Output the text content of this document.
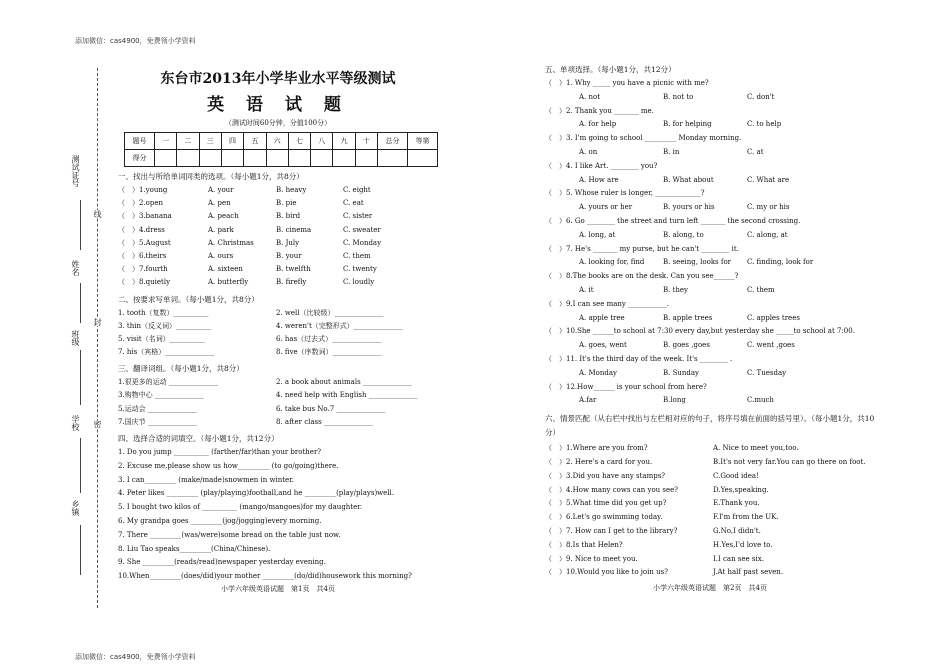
添加微信：cas4900，免费领小学资料
添加微信：cas4900，免费领小学资料
测试证号
姓名
班级
学校
乡镇
线
封
密
东台市2013年小学毕业水平等级测试
英 语 试 题
（测试时间60分钟，分值100分）
题号	一	二	三	四	五	六	七	八	九	十	总分	等第
得分												
一、找出与所给单词同类的选项。（每小题1分，共8分）
（　）1.young	A. your	B. heavy	C. eight
（　）2.open	A. pen	B. pie	C. eat
（　）3.banana	A. peach	B. bird	C. sister
（　）4.dress	A. park	B. cinema	C. sweater
（　）5.August	A. Christmas	B. July	C. Monday
（　）6.theirs	A. ours	B. your	C. them
（　）7.fourth	A. sixteen	B. twelfth	C. twenty
（　）8.quietly	A. butterfly	B. firefly	C. loudly
二、按要求写单词。（每小题1分，共8分）
1. tooth（复数）__________	2. well（比较级）______________
3. thin（反义词）__________	4. weren't（完整形式）______________
5. visit（名词）__________	6. has（过去式）______________
7. his（宾格）______________	8. five（序数词）______________
三、翻译词组。（每小题1分，共8分）
1.很更多的运动 ______________	2. a book about animals ______________
3.购物中心 ______________	4. need help with English ______________
5.运动会 ______________	6. take bus No.7 ______________
7.国庆节 ______________	8. after class ______________
四、选择合适的词填空。（每小题1分，共12分）
1. Do you jump __________ (farther/far)than your brother?
2. Excuse me,please show us how_________ (to go/going)there.
3. I can_________ (make/made)snowmen in winter.
4. Peter likes _________ (play/playing)football,and he _________(play/plays)well.
5. I bought two kilos of __________ (mango/mangoes)for my daughter.
6. My grandpa goes _________(jog/jogging)every morning.
7. There _________(was/were)some bread on the table just now.
8. Liu Tao speaks_________(China/Chinese).
9. She _________(reads/read)newspaper yesterday evening.
10.When_________(does/did)your mother _________(do/did)housework this morning?
小学六年级英语试题　第1页　共4页
五、单项选择。（每小题1分，共12分）
（　）1. Why _____ you have a picnic with me?
A. not	B. not to	C. don't
（　）2. Thank you _______ me.
A. for help	B. for helping	C. to help
（　）3. I'm going to school _________ Monday morning.
A. on	B. in	C. at
（　）4. I like Art. ________ you?
A. How are	B. What about	C. What are
（　）5. Whose ruler is longer, _____________?
A. yours or her	B. yours or his	C. my or his
（　）6. Go ________ the street and turn left _______ the second crossing.
A. long, at	B. along, to	C. along, at
（　）7. He's _______ my purse, but he can't ________ it.
A. looking for, find	B. seeing, looks for C. finding, look for
（　）8.The books are on the desk. Can you see______?
A. it	B. they	C. them
（　）9.I can see many ___________.
A. apple tree	B. apple trees	C. apples trees
（　）10.She ______to school at 7:30 every day,but yesterday she _____to school at 7:00.
A. goes, went	B. goes ,goes	C. went ,goes
（　）11. It's the third day of the week. It's ________ .
A. Monday	B. Sunday	C. Tuesday
（　）12.How______ is your school from here?
A.far	B.long	C.much
六、情景匹配（从右栏中找出与左栏相对应的句子，将序号填在前面的括号里）。（每小题1分，共10分）
（　）1.Where are you from?	A. Nice to meet you,too.
（　）2. Here's a card for you.	B.It's not very far.You can go there on foot.
（　）3.Did you have any stamps?	C.Good idea!
（　）4.How many cows can you see?	D.Yes,speaking.
（　）5.What time did you get up?	E.Thank you.
（　）6.Let's go swimming today.	F.I'm from the UK.
（　）7. How can I get to the library?	G.No,I didn't.
（　）8.Is that Helen?	H.Yes,I'd love to.
（　）9. Nice to meet you.	I.I can see six.
（　）10.Would you like to join us?	J.At half past seven.
小学六年级英语试题　第2页　共4页
